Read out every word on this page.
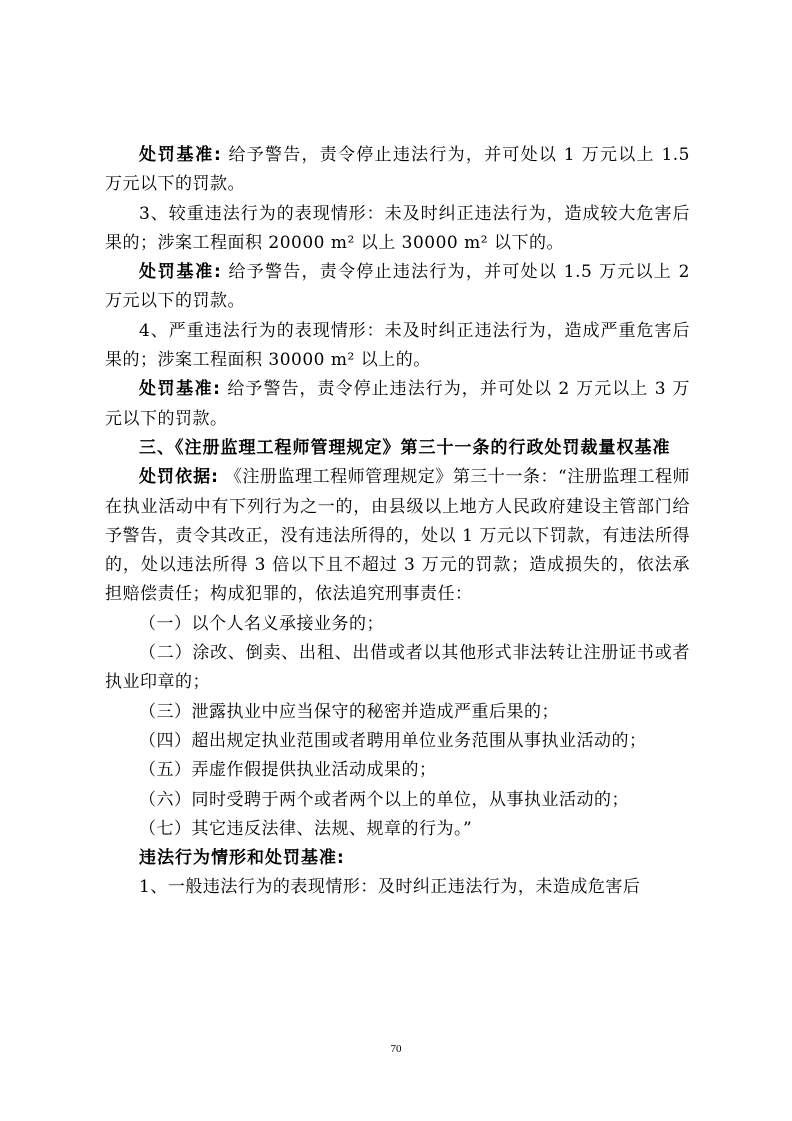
处罚基准: 给予警告，责令停止违法行为，并可处以 1 万元以上 1.5 万元以下的罚款。

3、较重违法行为的表现情形：未及时纠正违法行为，造成较大危害后果的；涉案工程面积 20000 m² 以上 30000 m² 以下的。

处罚基准: 给予警告，责令停止违法行为，并可处以 1.5 万元以上 2 万元以下的罚款。

4、严重违法行为的表现情形：未及时纠正违法行为，造成严重危害后果的；涉案工程面积 30000 m² 以上的。

处罚基准: 给予警告，责令停止违法行为，并可处以 2 万元以上 3 万元以下的罚款。

三、《注册监理工程师管理规定》第三十一条的行政处罚裁量权基准

处罚依据: 《注册监理工程师管理规定》第三十一条：“注册监理工程师在执业活动中有下列行为之一的，由县级以上地方人民政府建设主管部门给予警告，责令其改正，没有违法所得的，处以 1 万元以下罚款，有违法所得的，处以违法所得 3 倍以下且不超过 3 万元的罚款；造成损失的，依法承担赔偿责任；构成犯罪的，依法追究刑事责任：

（一）以个人名义承接业务的；

（二）涂改、倒卖、出租、出借或者以其他形式非法转让注册证书或者执业印章的；

（三）泄露执业中应当保守的秘密并造成严重后果的；

（四）超出规定执业范围或者聘用单位业务范围从事执业活动的；

（五）弄虚作假提供执业活动成果的；

（六）同时受聘于两个或者两个以上的单位，从事执业活动的；

（七）其它违反法律、法规、规章的行为。”

违法行为情形和处罚基准:

1、一般违法行为的表现情形：及时纠正违法行为，未造成危害后

70
